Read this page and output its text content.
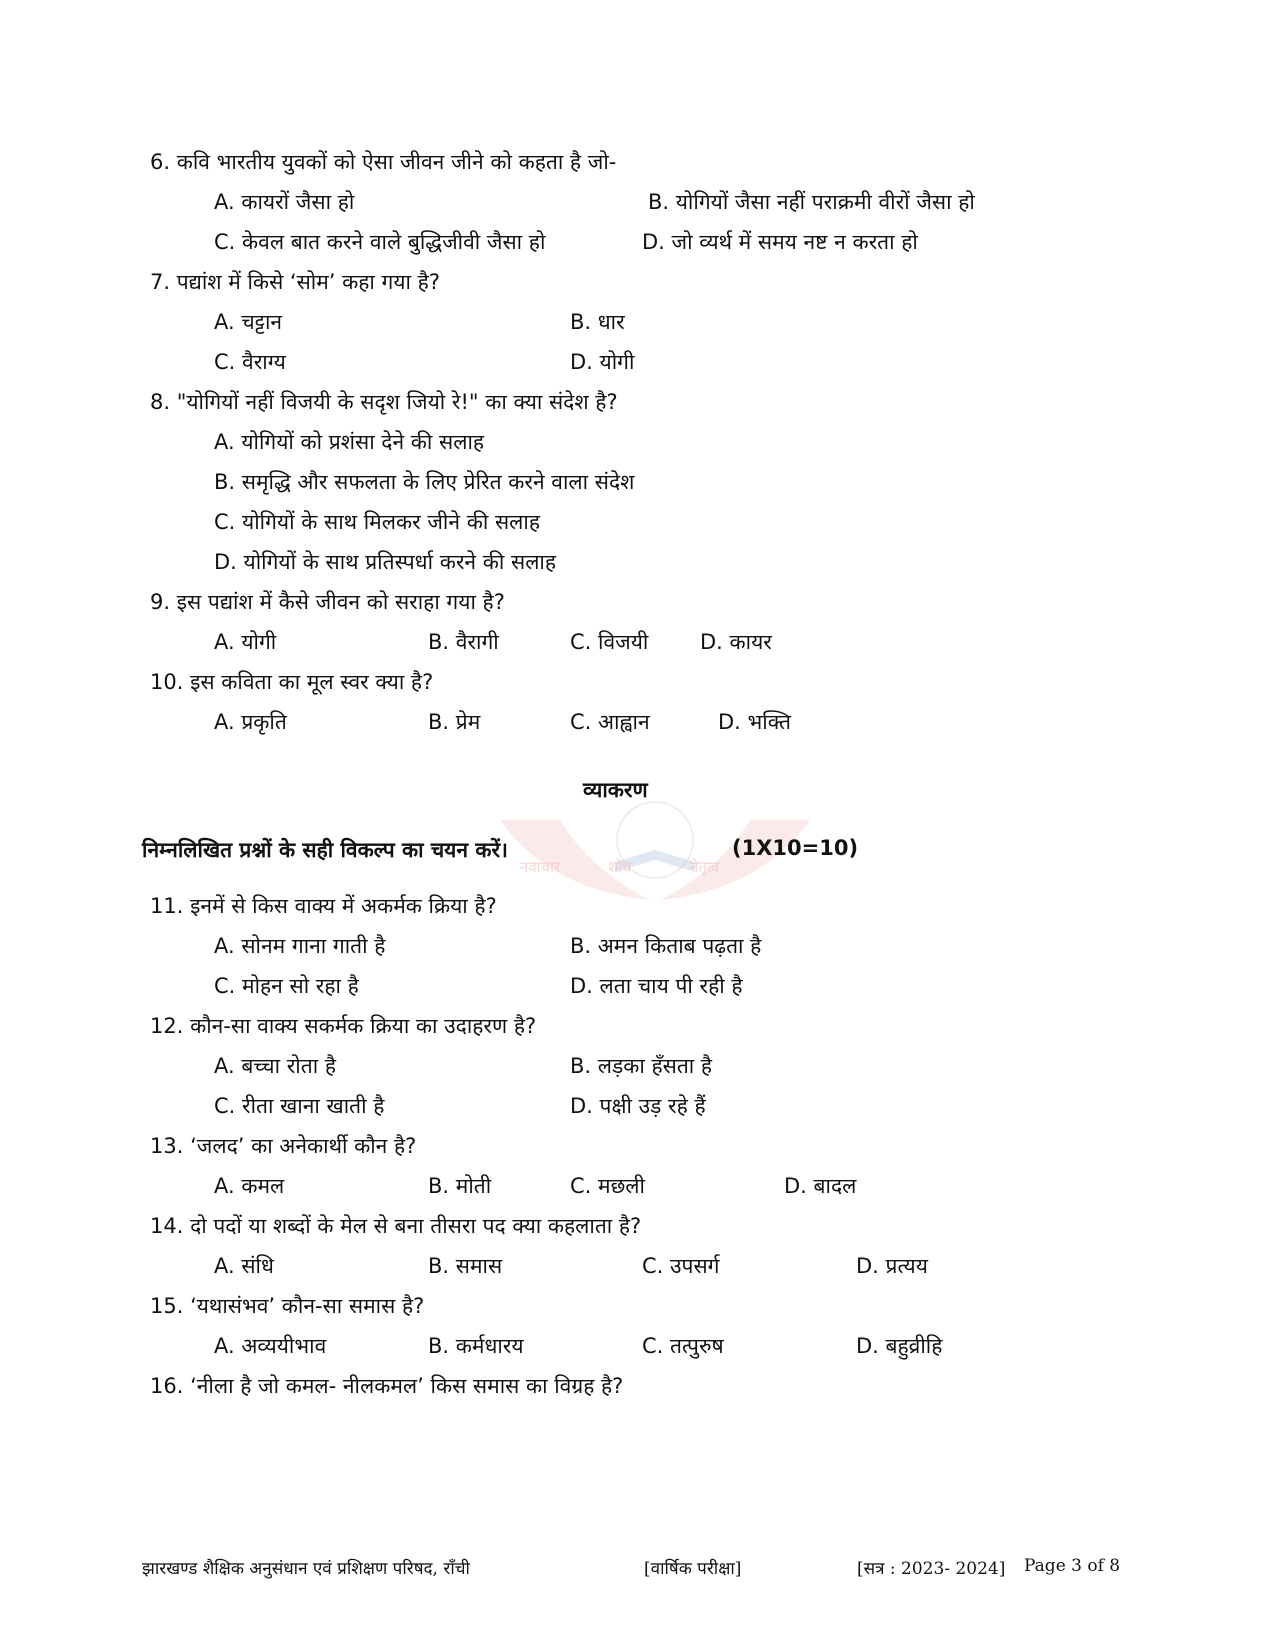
6. कवि भारतीय युवकों को ऐसा जीवन जीने को कहता है जो-
A. कायरों जैसा हो	B. योगियों जैसा नहीं पराक्रमी वीरों जैसा हो
C. केवल बात करने वाले बुद्धिजीवी जैसा हो	D. जो व्यर्थ में समय नष्ट न करता हो
7. पद्यांश में किसे ‘सोम’ कहा गया है?
A. चट्टान	B. धार
C. वैराग्य	D. योगी
8. "योगियों नहीं विजयी के सदृश जियो रे!" का क्या संदेश है?
A. योगियों को प्रशंसा देने की सलाह
B. समृद्धि और सफलता के लिए प्रेरित करने वाला संदेश
C. योगियों के साथ मिलकर जीने की सलाह
D. योगियों के साथ प्रतिस्पर्धा करने की सलाह
9. इस पद्यांश में कैसे जीवन को सराहा गया है?
A. योगी	B. वैरागी	C. विजयी D. कायर
10. इस कविता का मूल स्वर क्या है?
A. प्रकृति	B. प्रेम	C. आह्वान	D. भक्ति
नवाचार	शोध	नेतृत्व
व्याकरण
निम्नलिखित प्रश्नों के सही विकल्प का चयन करें।	(1X10=10)
11. इनमें से किस वाक्य में अकर्मक क्रिया है?
A. सोनम गाना गाती है	B. अमन किताब पढ़ता है
C. मोहन सो रहा है	D. लता चाय पी रही है
12. कौन-सा वाक्य सकर्मक क्रिया का उदाहरण है?
A. बच्चा रोता है	B. लड़का हँसता है
C. रीता खाना खाती है	D. पक्षी उड़ रहे हैं
13. ‘जलद’ का अनेकार्थी कौन है?
A. कमल	B. मोती	C. मछली	D. बादल
14. दो पदों या शब्दों के मेल से बना तीसरा पद क्या कहलाता है?
A. संधि	B. समास	C. उपसर्ग	D. प्रत्यय
15. ‘यथासंभव’ कौन-सा समास है?
A. अव्ययीभाव	B. कर्मधारय	C. तत्पुरुष	D. बहुव्रीहि
16. ‘नीला है जो कमल- नीलकमल’ किस समास का विग्रह है?
झारखण्ड शैक्षिक अनुसंधान एवं प्रशिक्षण परिषद, राँची	[वार्षिक परीक्षा]	[सत्र : 2023- 2024] Page 3 of 8
